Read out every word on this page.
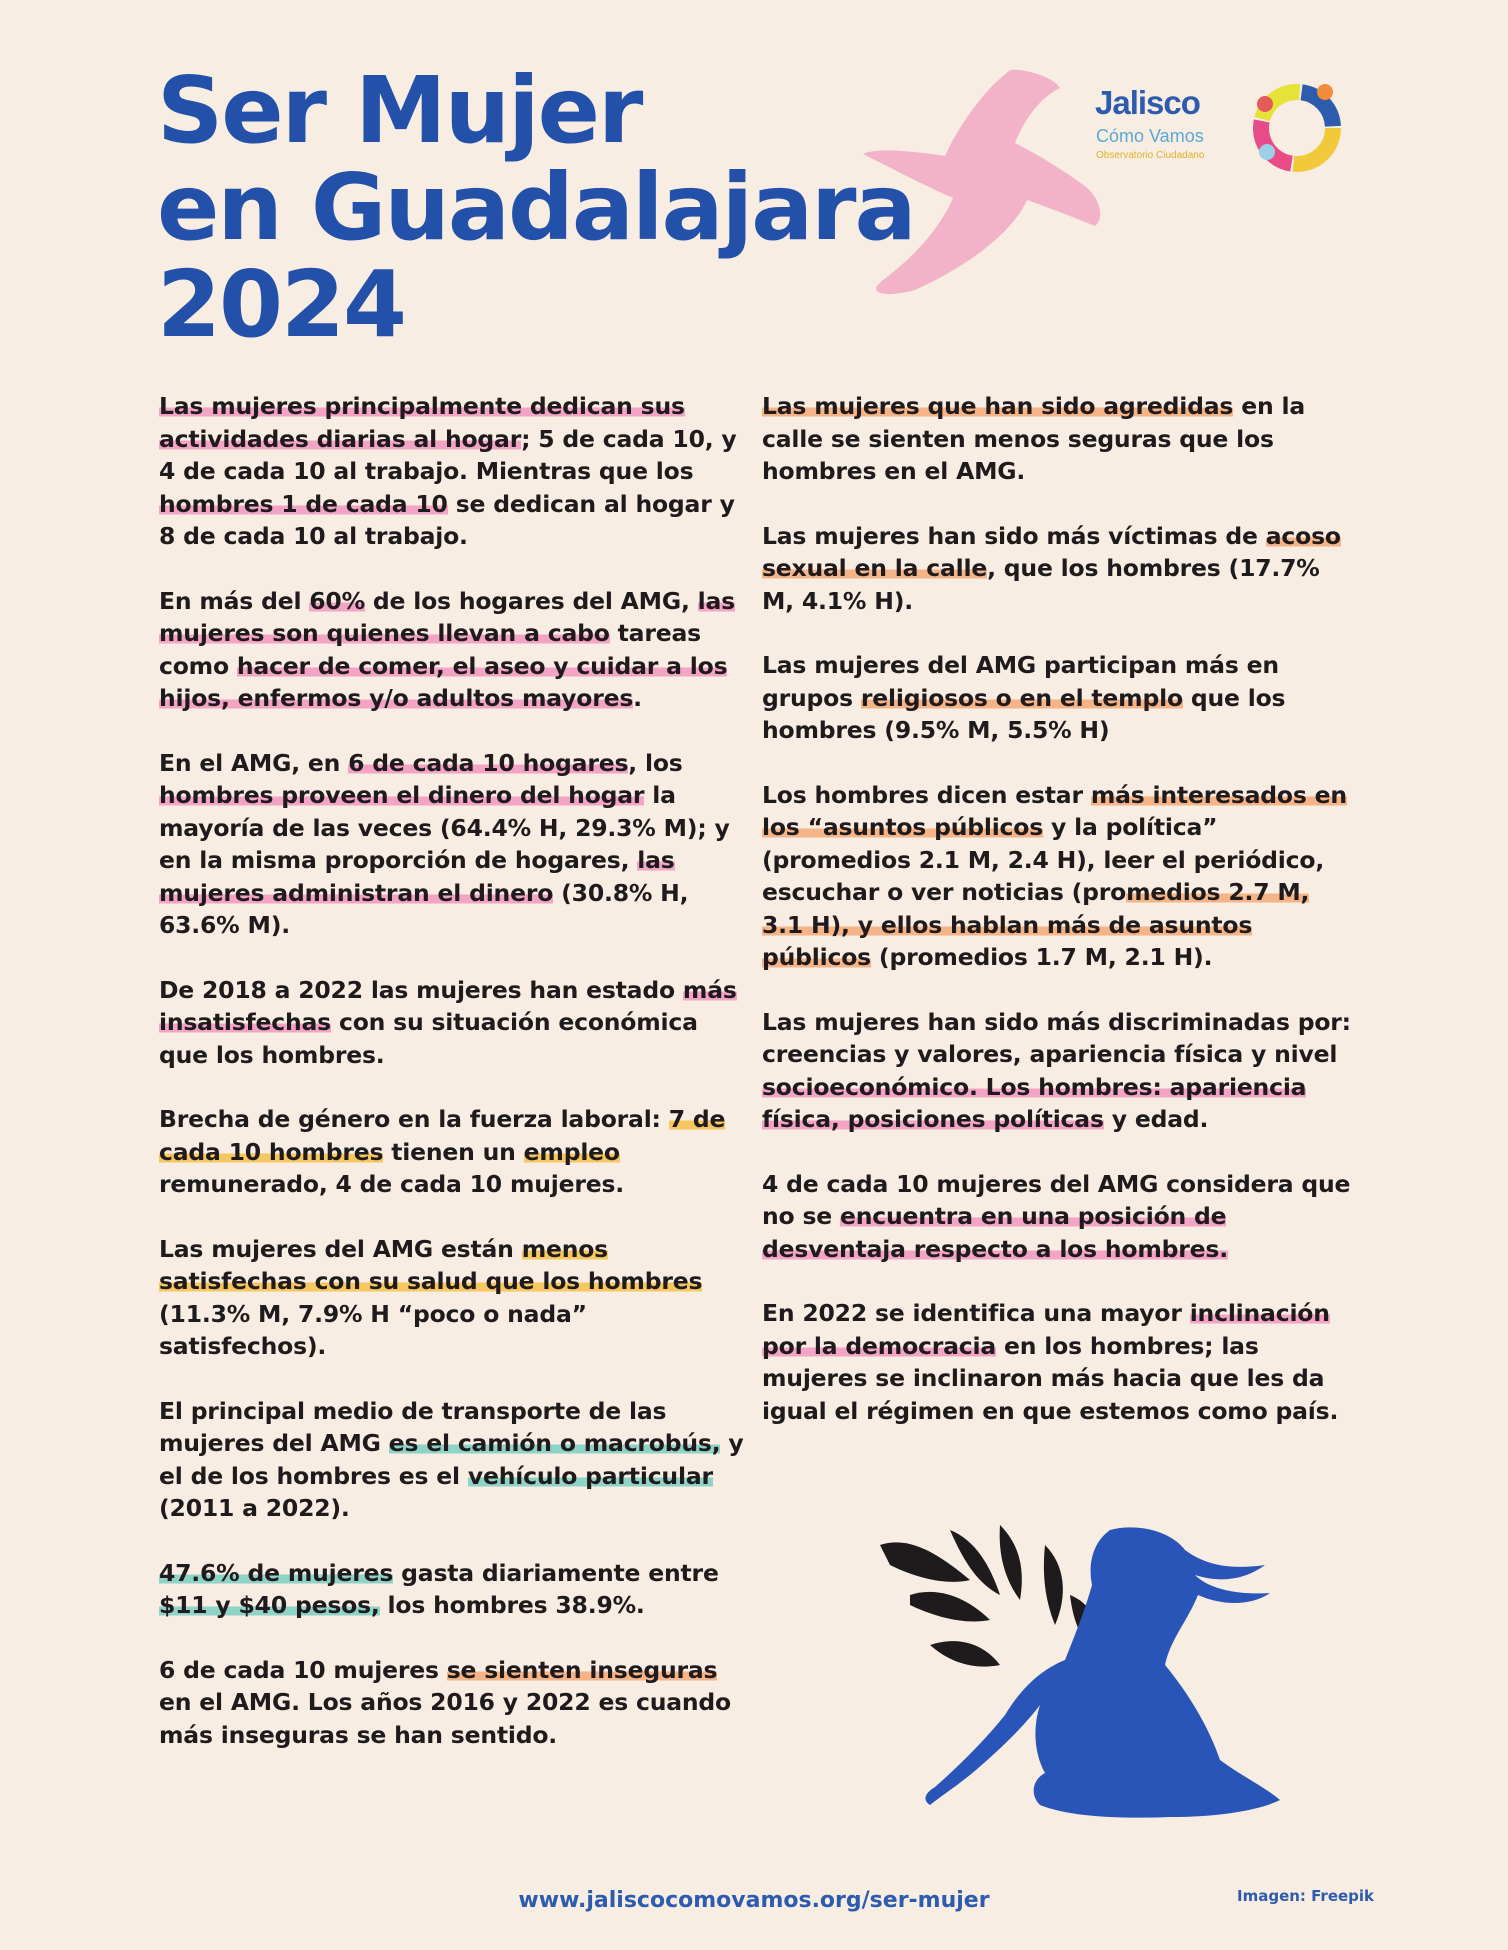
Ser Mujer
en Guadalajara
2024
Jalisco
Cómo Vamos
Observatorio Ciudadano

Las mujeres principalmente dedican sus actividades diarias al hogar; 5 de cada 10, y 4 de cada 10 al trabajo. Mientras que los hombres 1 de cada 10 se dedican al hogar y 8 de cada 10 al trabajo.

En más del 60% de los hogares del AMG, las mujeres son quienes llevan a cabo tareas como hacer de comer, el aseo y cuidar a los hijos, enfermos y/o adultos mayores.

En el AMG, en 6 de cada 10 hogares, los hombres proveen el dinero del hogar la mayoría de las veces (64.4% H, 29.3% M); y en la misma proporción de hogares, las mujeres administran el dinero (30.8% H, 63.6% M).

De 2018 a 2022 las mujeres han estado más insatisfechas con su situación económica que los hombres.

Brecha de género en la fuerza laboral: 7 de cada 10 hombres tienen un empleo remunerado, 4 de cada 10 mujeres.

Las mujeres del AMG están menos satisfechas con su salud que los hombres (11.3% M, 7.9% H “poco o nada” satisfechos).

El principal medio de transporte de las mujeres del AMG es el camión o macrobús, y el de los hombres es el vehículo particular (2011 a 2022).

47.6% de mujeres gasta diariamente entre $11 y $40 pesos, los hombres 38.9%.

6 de cada 10 mujeres se sienten inseguras en el AMG. Los años 2016 y 2022 es cuando más inseguras se han sentido.

Las mujeres que han sido agredidas en la calle se sienten menos seguras que los hombres en el AMG.

Las mujeres han sido más víctimas de acoso sexual en la calle, que los hombres (17.7% M, 4.1% H).

Las mujeres del AMG participan más en grupos religiosos o en el templo que los hombres (9.5% M, 5.5% H)

Los hombres dicen estar más interesados en los “asuntos públicos y la política” (promedios 2.1 M, 2.4 H), leer el periódico, escuchar o ver noticias (promedios 2.7 M, 3.1 H), y ellos hablan más de asuntos públicos (promedios 1.7 M, 2.1 H).

Las mujeres han sido más discriminadas por: creencias y valores, apariencia física y nivel socioeconómico. Los hombres: apariencia física, posiciones políticas y edad.

4 de cada 10 mujeres del AMG considera que no se encuentra en una posición de desventaja respecto a los hombres.

En 2022 se identifica una mayor inclinación por la democracia en los hombres; las mujeres se inclinaron más hacia que les da igual el régimen en que estemos como país.

www.jaliscocomovamos.org/ser-mujer	Imagen: Freepik
